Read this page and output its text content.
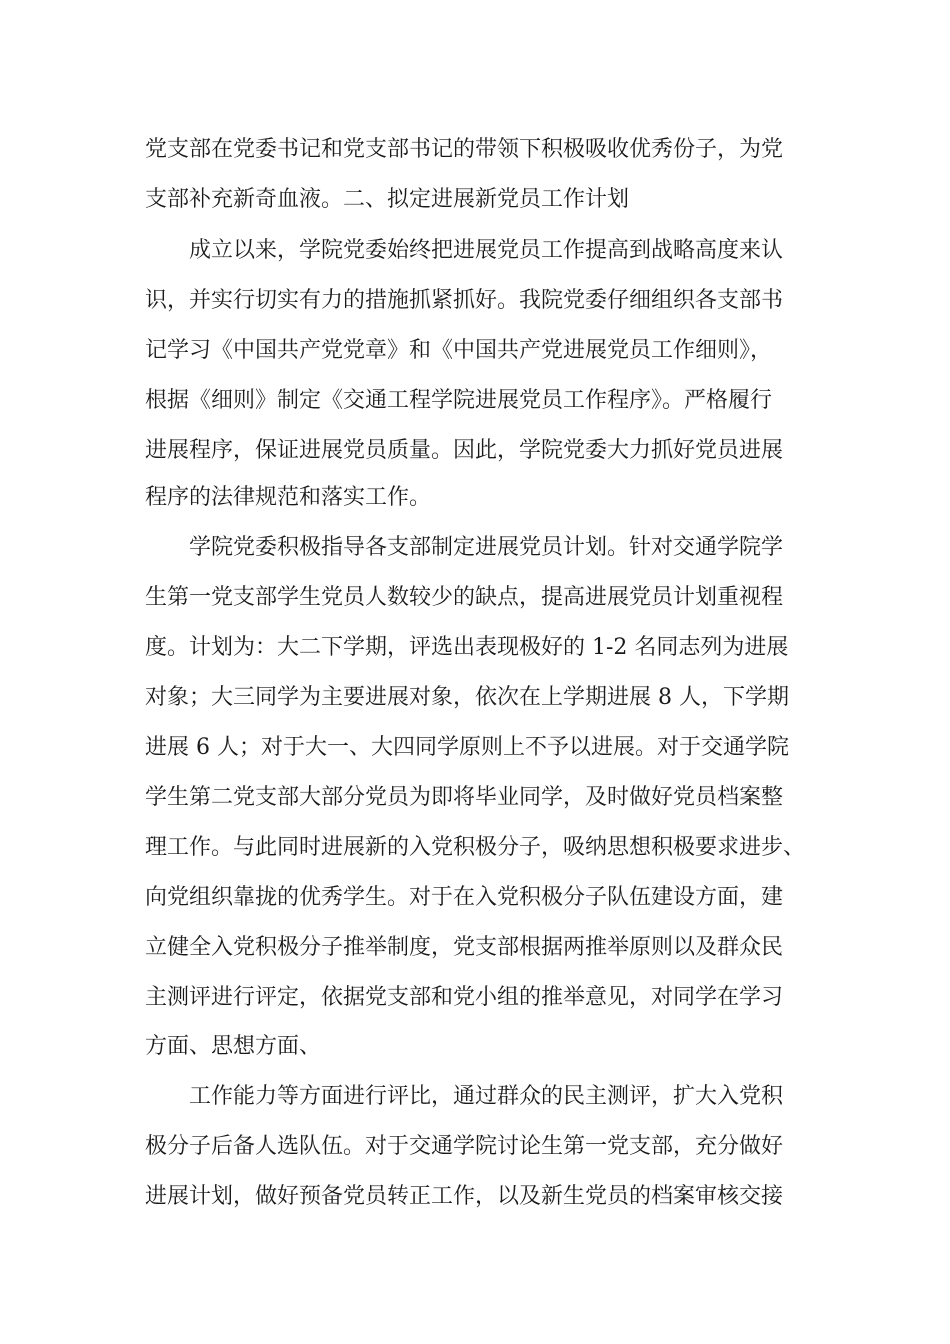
党支部在党委书记和党支部书记的带领下积极吸收优秀份子，为党
支部补充新奇血液。二、拟定进展新党员工作计划
成立以来，学院党委始终把进展党员工作提高到战略高度来认
识，并实行切实有力的措施抓紧抓好。我院党委仔细组织各支部书
记学习《中国共产党党章》和《中国共产党进展党员工作细则》，
根据《细则》制定《交通工程学院进展党员工作程序》。严格履行
进展程序，保证进展党员质量。因此，学院党委大力抓好党员进展
程序的法律规范和落实工作。
学院党委积极指导各支部制定进展党员计划。针对交通学院学
生第一党支部学生党员人数较少的缺点，提高进展党员计划重视程
度。计划为：大二下学期，评选出表现极好的 1-2 名同志列为进展
对象；大三同学为主要进展对象，依次在上学期进展 8 人，下学期
进展 6 人；对于大一、大四同学原则上不予以进展。对于交通学院
学生第二党支部大部分党员为即将毕业同学，及时做好党员档案整
理工作。与此同时进展新的入党积极分子，吸纳思想积极要求进步、
向党组织靠拢的优秀学生。对于在入党积极分子队伍建设方面，建
立健全入党积极分子推举制度，党支部根据两推举原则以及群众民
主测评进行评定，依据党支部和党小组的推举意见，对同学在学习
方面、思想方面、
工作能力等方面进行评比，通过群众的民主测评，扩大入党积
极分子后备人选队伍。对于交通学院讨论生第一党支部，充分做好
进展计划，做好预备党员转正工作，以及新生党员的档案审核交接
